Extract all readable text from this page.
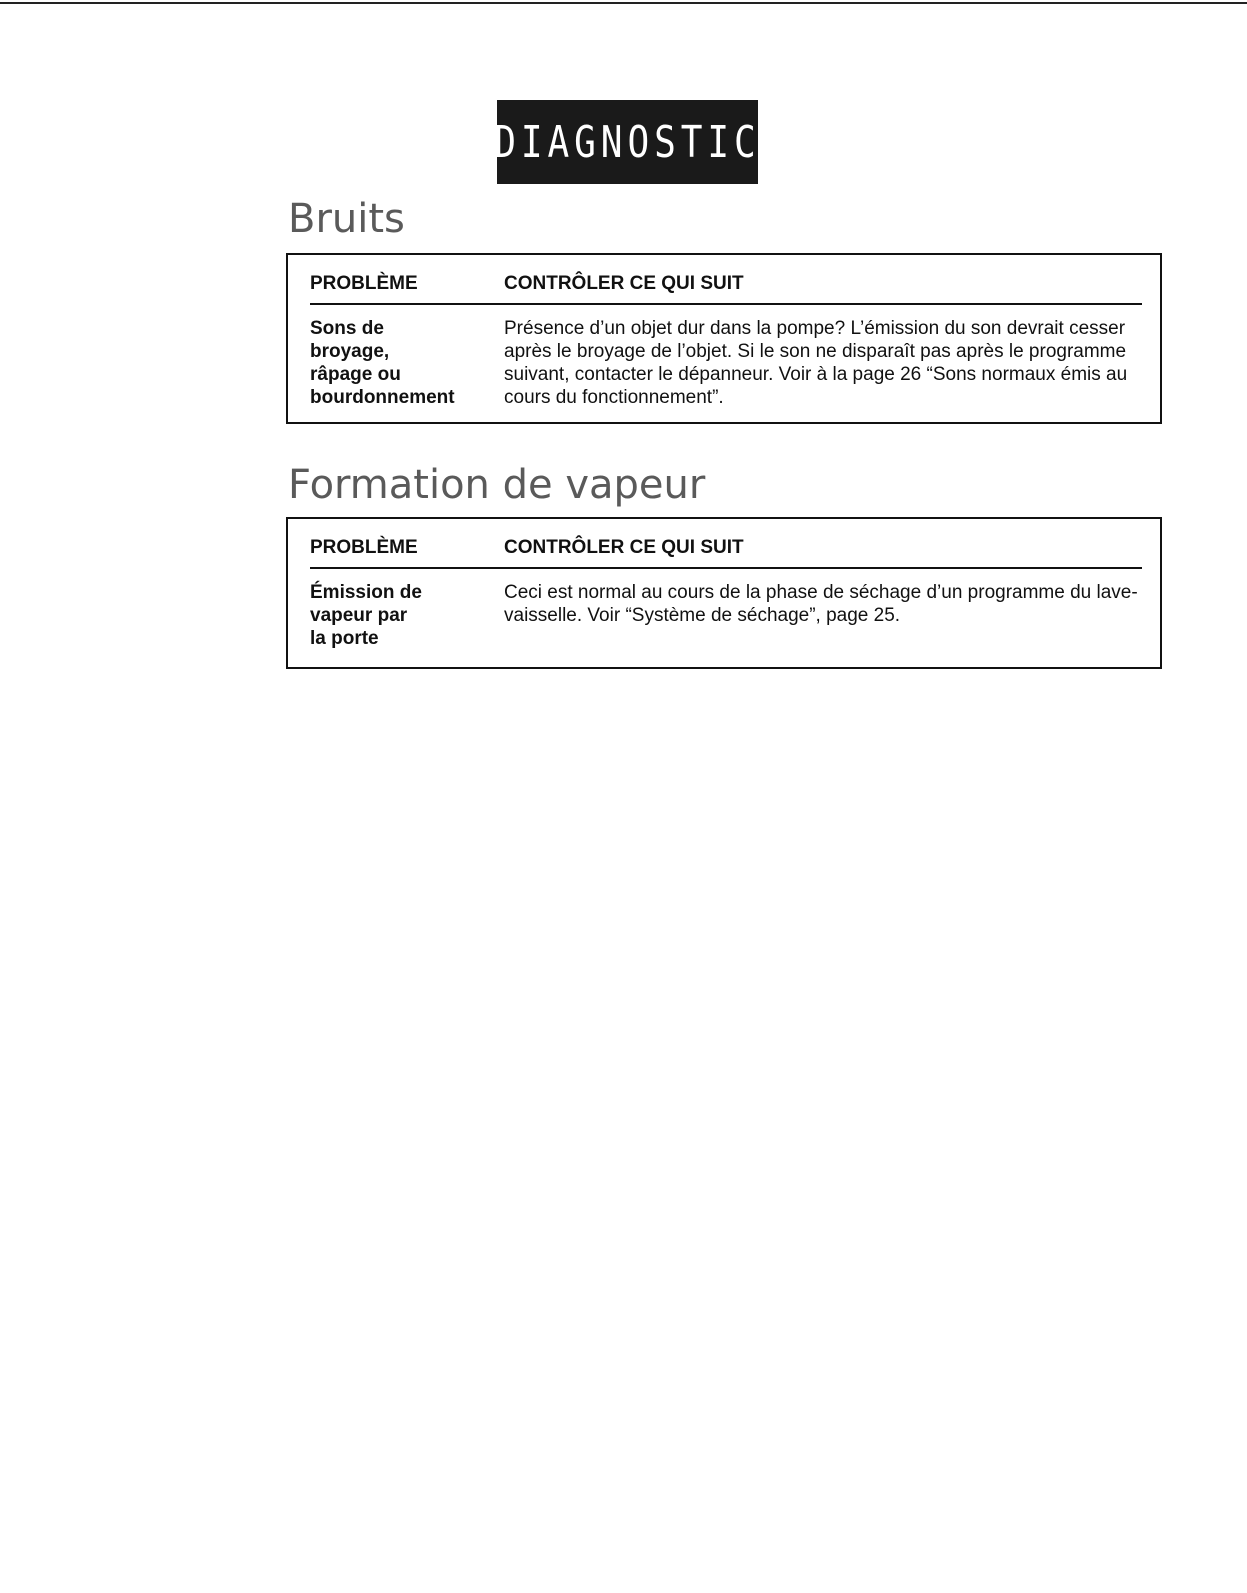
DIAGNOSTIC
Bruits
PROBLÈME	CONTRÔLER CE QUI SUIT
Sons de
broyage,
râpage ou
bourdonnement
Présence d’un objet dur dans la pompe? L’émission du son devrait cesser après le broyage de l’objet. Si le son ne disparaît pas après le programme suivant, contacter le dépanneur. Voir à la page 26 “Sons normaux émis au cours du fonctionnement”.
Formation de vapeur
PROBLÈME	CONTRÔLER CE QUI SUIT
Émission de
vapeur par
la porte
Ceci est normal au cours de la phase de séchage d’un programme du lave-vaisselle. Voir “Système de séchage”, page 25.
